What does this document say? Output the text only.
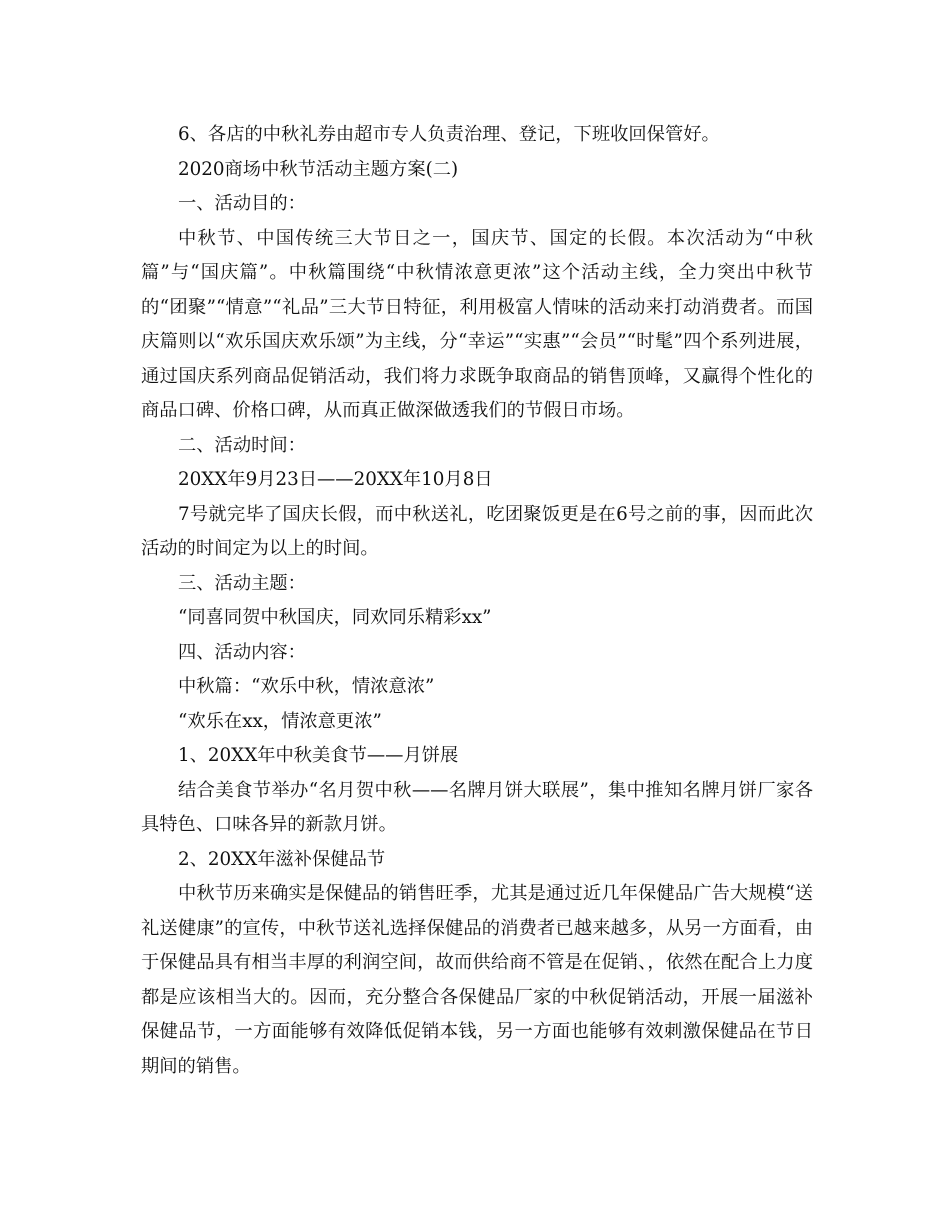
6、各店的中秋礼券由超市专人负责治理、登记，下班收回保管好。

2020商场中秋节活动主题方案(二)

一、活动目的：

中秋节、中国传统三大节日之一，国庆节、国定的长假。本次活动为“中秋篇”与“国庆篇”。中秋篇围绕“中秋情浓意更浓”这个活动主线，全力突出中秋节的“团聚”“情意”“礼品”三大节日特征，利用极富人情味的活动来打动消费者。而国庆篇则以“欢乐国庆欢乐颂”为主线，分“幸运”“实惠”“会员”“时髦”四个系列进展，通过国庆系列商品促销活动，我们将力求既争取商品的销售顶峰，又赢得个性化的商品口碑、价格口碑，从而真正做深做透我们的节假日市场。

二、活动时间：

20XX年9月23日——20XX年10月8日

7号就完毕了国庆长假，而中秋送礼，吃团聚饭更是在6号之前的事，因而此次活动的时间定为以上的时间。

三、活动主题：

“同喜同贺中秋国庆，同欢同乐精彩xx”

四、活动内容：

中秋篇：“欢乐中秋，情浓意浓”

“欢乐在xx，情浓意更浓”

1、20XX年中秋美食节——月饼展

结合美食节举办“名月贺中秋——名牌月饼大联展”，集中推知名牌月饼厂家各具特色、口味各异的新款月饼。

2、20XX年滋补保健品节

中秋节历来确实是保健品的销售旺季，尤其是通过近几年保健品广告大规模“送礼送健康”的宣传，中秋节送礼选择保健品的消费者已越来越多，从另一方面看，由于保健品具有相当丰厚的利润空间，故而供给商不管是在促销、，依然在配合上力度都是应该相当大的。因而，充分整合各保健品厂家的中秋促销活动，开展一届滋补保健品节，一方面能够有效降低促销本钱，另一方面也能够有效刺激保健品在节日期间的销售。
